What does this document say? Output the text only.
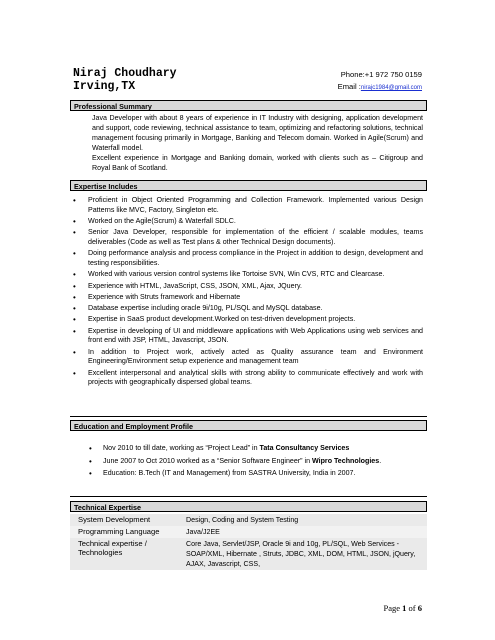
Niraj Choudhary
Irving,TX
Phone:+1 972 750 0159
Email :nirajc1984@gmail.com
Professional Summary

Java Developer with about 8 years of experience in IT Industry with designing, application development and support, code reviewing, technical assistance to team, optimizing and refactoring solutions, technical management focusing primarily in Mortgage, Banking and Telecom domain. Worked in Agile(Scrum) and Waterfall model.

Excellent experience in Mortgage and Banking domain, worked with clients such as – Citigroup and Royal Bank of Scotland.

Expertise Includes
• Proficient in Object Oriented Programming and Collection Framework. Implemented various Design Patterns like MVC, Factory, Singleton etc.
• Worked on the Agile(Scrum) & Waterfall SDLC.
• Senior Java Developer, responsible for implementation of the efficient / scalable modules, teams deliverables (Code as well as Test plans & other Technical Design documents).
• Doing performance analysis and process compliance in the Project in addition to design, development and testing responsibilities.
• Worked with various version control systems like Tortoise SVN, Win CVS, RTC and Clearcase.
• Experience with HTML, JavaScript, CSS, JSON, XML, Ajax, JQuery.
• Experience with Struts framework and Hibernate
• Database expertise including oracle 9i/10g, PL/SQL and MySQL database.
• Expertise in SaaS product development.Worked on test-driven development projects.
• Expertise in developing of UI and middleware applications with Web Applications using web services and front end with JSP, HTML, Javascript, JSON.
• In addition to Project work, actively acted as Quality assurance team and Environment Engineering/Environment setup experience and management team
• Excellent interpersonal and analytical skills with strong ability to communicate effectively and work with projects with geographically dispersed global teams.
Education and Employment Profile
• Nov 2010 to till date, working as “Project Lead” in Tata Consultancy Services
• June 2007 to Oct 2010 worked as a “Senior Software Engineer” in Wipro Technologies.
• Education: B.Tech (IT and Management) from SASTRA University, India in 2007.
Technical Expertise
System Development	Design, Coding and System Testing
Programming Language	Java/J2EE
Technical expertise / Technologies	Core Java, Servlet/JSP, Oracle 9i and 10g, PL/SQL, Web Services - SOAP/XML, Hibernate , Struts, JDBC, XML, DOM, HTML, JSON, jQuery, AJAX, Javascript, CSS,
Page 1 of 6
